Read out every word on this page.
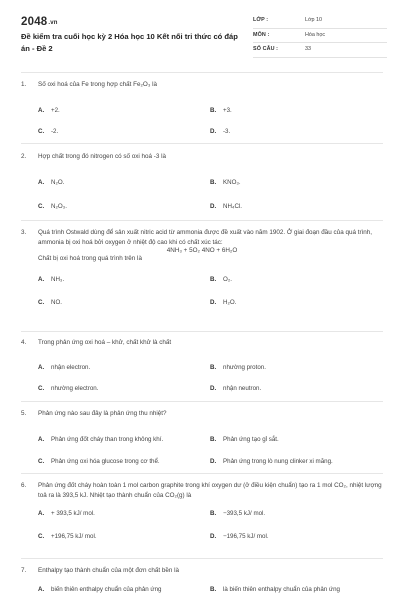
2048.vn
Đề kiểm tra cuối học kỳ 2 Hóa học 10 Kết nối tri thức có đáp án - Đề 2
LỚP :	Lớp 10
MÔN :	Hóa học
SỐ CÂU :	33
1. Số oxi hoá của Fe trong hợp chất Fe₂O₃ là
A. +2.	B. +3.
C. -2.	D. -3.
2. Hợp chất trong đó nitrogen có số oxi hoá -3 là
A. N₂O.	B. KNO₃.
C. N₂O₃.	D. NH₄Cl.
3. Quá trình Ostwald dùng để sản xuất nitric acid từ ammonia được đề xuất vào năm 1902. Ở giai đoạn đầu của quá trình, ammonia bị oxi hoá bởi oxygen ở nhiệt độ cao khi có chất xúc tác:
4NH₃ + 5O₂ 4NO + 6H₂O
Chất bị oxi hoá trong quá trình trên là
A. NH₃.	B. O₂.
C. NO.	D. H₂O.
4. Trong phản ứng oxi hoá – khử, chất khử là chất
A. nhận electron.	B. nhường proton.
C. nhường electron.	D. nhận neutron.
5. Phản ứng nào sau đây là phản ứng thu nhiệt?
A. Phản ứng đốt cháy than trong không khí.	B. Phản ứng tạo gỉ sắt.
C. Phản ứng oxi hóa glucose trong cơ thể.	D. Phản ứng trong lò nung clinker xi măng.
6. Phản ứng đốt cháy hoàn toàn 1 mol carbon graphite trong khí oxygen dư (ở điều kiện chuẩn) tạo ra 1 mol CO₂, nhiệt lượng toả ra là 393,5 kJ. Nhiệt tạo thành chuẩn của CO₂(g) là
A. + 393,5 kJ/ mol.	B. −393,5 kJ/ mol.
C. +196,75 kJ/ mol.	D. −196,75 kJ/ mol.
7. Enthalpy tạo thành chuẩn của một đơn chất bền là
A. biến thiên enthalpy chuẩn của phản ứng	B. là biến thiên enthalpy chuẩn của phản ứng
